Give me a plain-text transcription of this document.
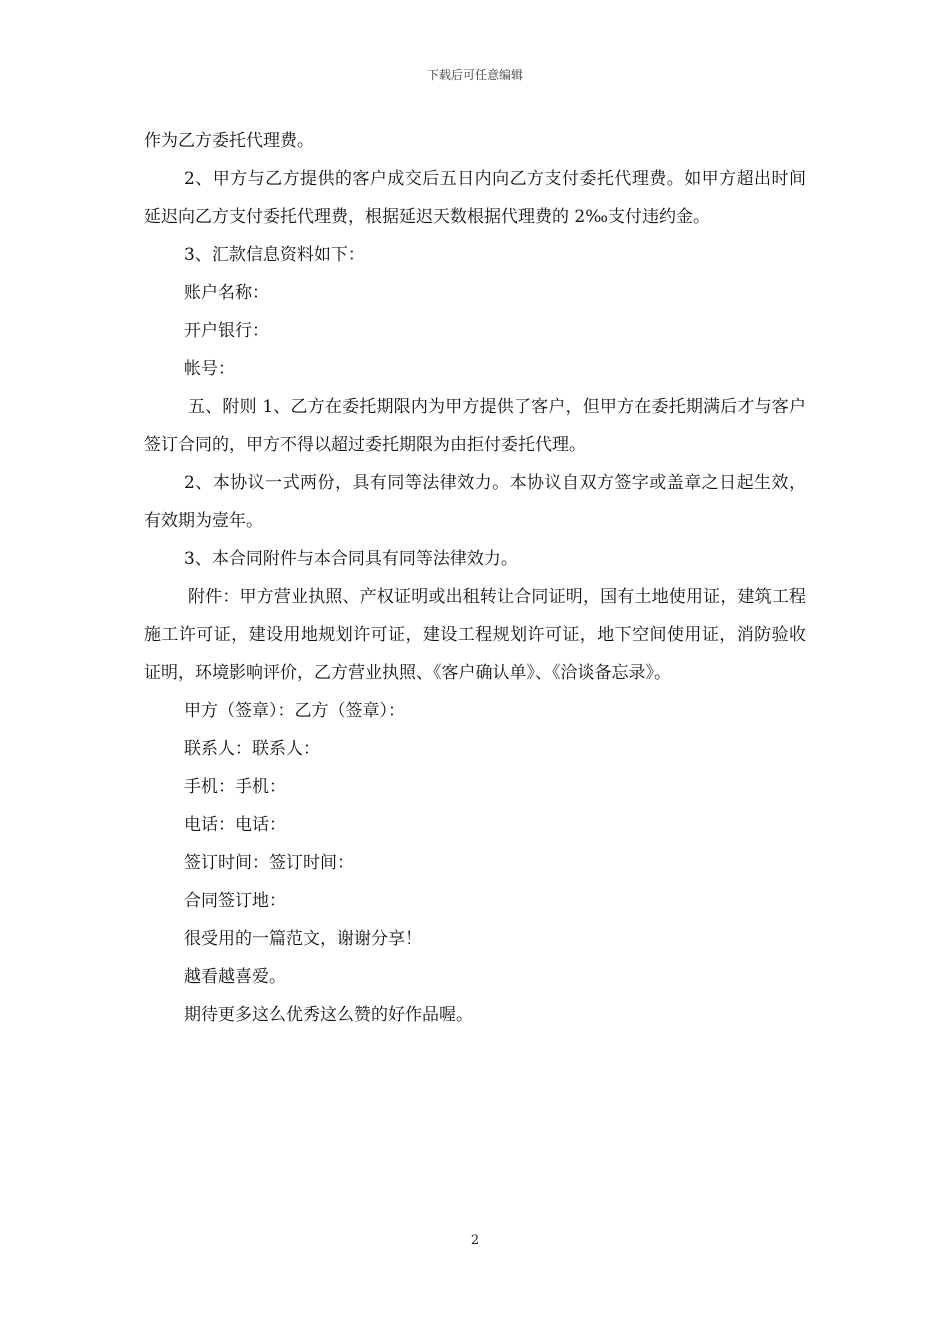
下载后可任意编辑

作为乙方委托代理费。

2、甲方与乙方提供的客户成交后五日内向乙方支付委托代理费。如甲方超出时间延迟向乙方支付委托代理费，根据延迟天数根据代理费的 2‰支付违约金。

3、汇款信息资料如下：

账户名称：

开户银行：

帐号：

五、附则 1、乙方在委托期限内为甲方提供了客户，但甲方在委托期满后才与客户签订合同的，甲方不得以超过委托期限为由拒付委托代理。

2、本协议一式两份，具有同等法律效力。本协议自双方签字或盖章之日起生效，有效期为壹年。

3、本合同附件与本合同具有同等法律效力。

附件：甲方营业执照、产权证明或出租转让合同证明，国有土地使用证，建筑工程施工许可证，建设用地规划许可证，建设工程规划许可证，地下空间使用证，消防验收证明，环境影响评价，乙方营业执照、《客户确认单》、《洽谈备忘录》。

甲方（签章）：乙方（签章）：

联系人：联系人：

手机：手机：

电话：电话：

签订时间：签订时间：

合同签订地：

很受用的一篇范文，谢谢分享！

越看越喜爱。

期待更多这么优秀这么赞的好作品喔。

2
